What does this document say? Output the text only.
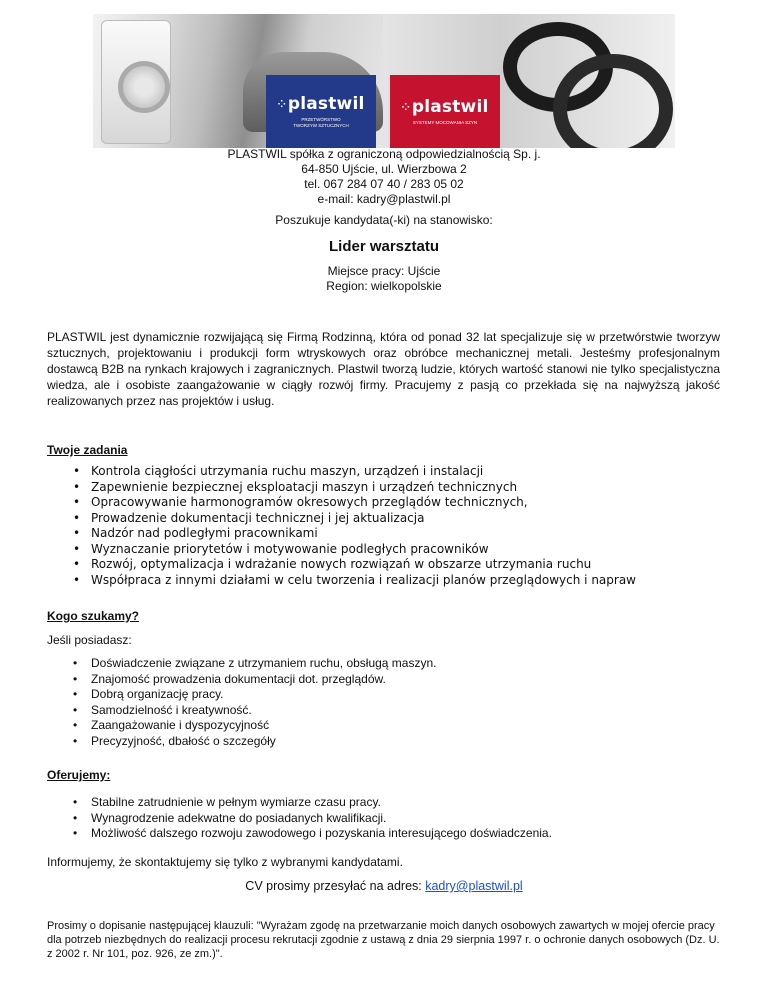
⁘ plastwil
PRZETWÓRSTWO
TWORZYW SZTUCZNYCH
⁘ plastwil
SYSTEMY MOCOWANIA SZYN
PLASTWIL spółka z ograniczoną odpowiedzialnością Sp. j.
64-850 Ujście, ul. Wierzbowa 2
tel. 067 284 07 40 / 283 05 02
e-mail: kadry@plastwil.pl
Poszukuje kandydata(-ki) na stanowisko:
Lider warsztatu
Miejsce pracy: Ujście
Region: wielkopolskie

PLASTWIL jest dynamicznie rozwijającą się Firmą Rodzinną, która od ponad 32 lat specjalizuje się w przetwórstwie tworzyw sztucznych, projektowaniu i produkcji form wtryskowych oraz obróbce mechanicznej metali. Jesteśmy profesjonalnym dostawcą B2B na rynkach krajowych i zagranicznych. Plastwil tworzą ludzie, których wartość stanowi nie tylko specjalistyczna wiedza, ale i osobiste zaangażowanie w ciągły rozwój firmy. Pracujemy z pasją co przekłada się na najwyższą jakość realizowanych przez nas projektów i usług.

Twoje zadania
• Kontrola ciągłości utrzymania ruchu maszyn, urządzeń i instalacji
• Zapewnienie bezpiecznej eksploatacji maszyn i urządzeń technicznych
• Opracowywanie harmonogramów okresowych przeglądów technicznych,
• Prowadzenie dokumentacji technicznej i jej aktualizacja
• Nadzór nad podległymi pracownikami
• Wyznaczanie priorytetów i motywowanie podległych pracowników
• Rozwój, optymalizacja i wdrażanie nowych rozwiązań w obszarze utrzymania ruchu
• Współpraca z innymi działami w celu tworzenia i realizacji planów przeglądowych i napraw
Kogo szukamy?
Jeśli posiadasz:
• Doświadczenie związane z utrzymaniem ruchu, obsługą maszyn.
• Znajomość prowadzenia dokumentacji dot. przeglądów.
• Dobrą organizację pracy.
• Samodzielność i kreatywność.
• Zaangażowanie i dyspozycyjność
• Precyzyjność, dbałość o szczegóły
Oferujemy:
• Stabilne zatrudnienie w pełnym wymiarze czasu pracy.
• Wynagrodzenie adekwatne do posiadanych kwalifikacji.
• Możliwość dalszego rozwoju zawodowego i pozyskania interesującego doświadczenia.
Informujemy, że skontaktujemy się tylko z wybranymi kandydatami.
CV prosimy przesyłać na adres: kadry@plastwil.pl

Prosimy o dopisanie następującej klauzuli: "Wyrażam zgodę na przetwarzanie moich danych osobowych zawartych w mojej ofercie pracy dla potrzeb niezbędnych do realizacji procesu rekrutacji zgodnie z ustawą z dnia 29 sierpnia 1997 r. o ochronie danych osobowych (Dz. U. z 2002 r. Nr 101, poz. 926, ze zm.)".
